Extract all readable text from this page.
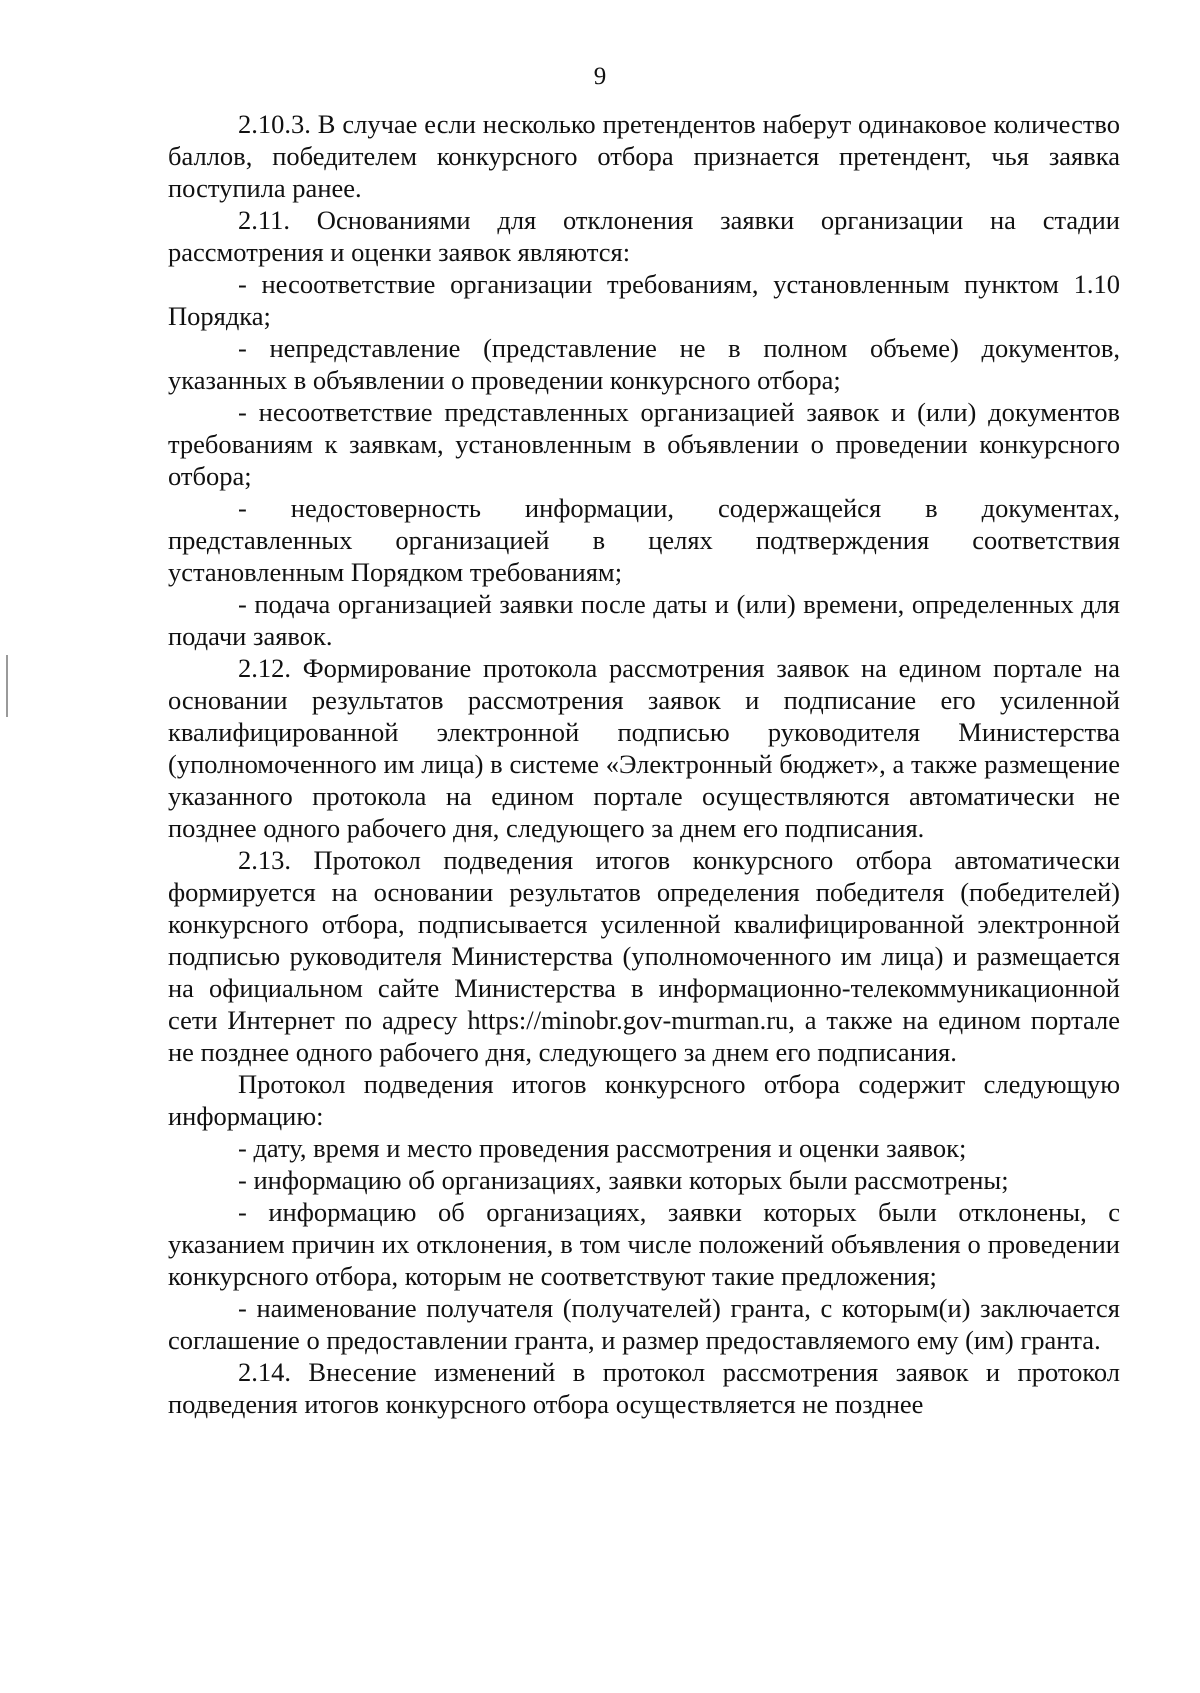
9

2.10.3. В случае если несколько претендентов наберут одинаковое количество баллов, победителем конкурсного отбора признается претендент, чья заявка поступила ранее.

2.11. Основаниями для отклонения заявки организации на стадии рассмотрения и оценки заявок являются:

- несоответствие организации требованиям, установленным пунктом 1.10 Порядка;

- непредставление (представление не в полном объеме) документов, указанных в объявлении о проведении конкурсного отбора;

- несоответствие представленных организацией заявок и (или) документов требованиям к заявкам, установленным в объявлении о проведении конкурсного отбора;

- недостоверность информации, содержащейся в документах, представленных организацией в целях подтверждения соответствия установленным Порядком требованиям;

- подача организацией заявки после даты и (или) времени, определенных для подачи заявок.

2.12. Формирование протокола рассмотрения заявок на едином портале на основании результатов рассмотрения заявок и подписание его усиленной квалифицированной электронной подписью руководителя Министерства (уполномоченного им лица) в системе «Электронный бюджет», а также размещение указанного протокола на едином портале осуществляются автоматически не позднее одного рабочего дня, следующего за днем его подписания.

2.13. Протокол подведения итогов конкурсного отбора автоматически формируется на основании результатов определения победителя (победителей) конкурсного отбора, подписывается усиленной квалифицированной электронной подписью руководителя Министерства (уполномоченного им лица) и размещается на официальном сайте Министерства в информационно-телекоммуникационной сети Интернет по адресу https://minobr.gov-murman.ru, а также на едином портале не позднее одного рабочего дня, следующего за днем его подписания.

Протокол подведения итогов конкурсного отбора содержит следующую информацию:

- дату, время и место проведения рассмотрения и оценки заявок;

- информацию об организациях, заявки которых были рассмотрены;

- информацию об организациях, заявки которых были отклонены, с указанием причин их отклонения, в том числе положений объявления о проведении конкурсного отбора, которым не соответствуют такие предложения;

- наименование получателя (получателей) гранта, с которым(и) заключается соглашение о предоставлении гранта, и размер предоставляемого ему (им) гранта.

2.14. Внесение изменений в протокол рассмотрения заявок и протокол подведения итогов конкурсного отбора осуществляется не позднее
